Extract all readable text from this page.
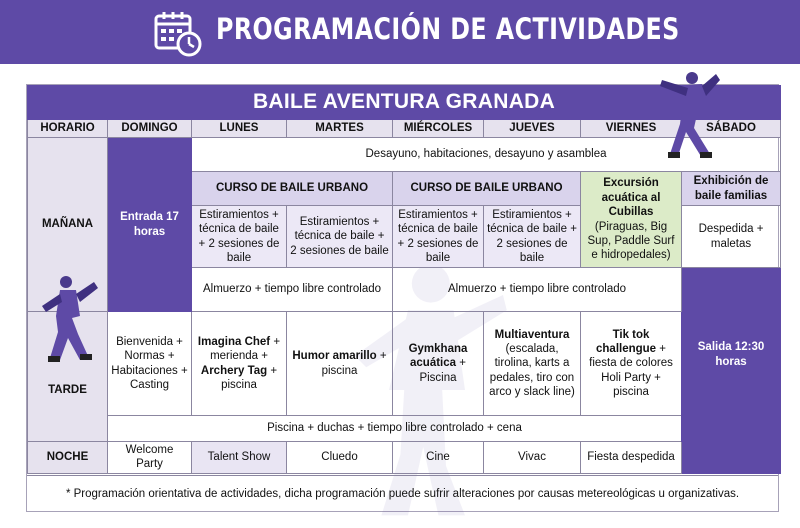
PROGRAMACIÓN DE ACTIVIDADES
BAILE AVENTURA GRANADA							
HORARIO	DOMINGO	LUNES	MARTES	MIÉRCOLES	JUEVES	VIERNES	SÁBADO
MAÑANA	Entrada 17 horas	Desayuno, habitaciones, desayuno y asamblea					
		CURSO DE BAILE URBANO		CURSO DE BAILE URBANO		Excursión acuática al Cubillas (Piraguas, Big Sup, Paddle Surf e hidropedales)	Exhibición de baile familias
		Estiramientos + técnica de baile + 2 sesiones de baile	Estiramientos + técnica de baile + 2 sesiones de baile	Estiramientos + técnica de baile + 2 sesiones de baile	Estiramientos + técnica de baile + 2 sesiones de baile		Despedida + maletas
		Almuerzo + tiempo libre controlado		Almuerzo + tiempo libre controlado			Salida 12:30 horas
TARDE	Bienvenida + Normas + Habitaciones + Casting	Imagina Chef + merienda + Archery Tag + piscina	Humor amarillo + piscina	Gymkhana acuática + Piscina	Multiaventura (escalada, tirolina, karts a pedales, tiro con arco y slack line)	Tik tok challengue + fiesta de colores Holi Party + piscina	
	Piscina + duchas + tiempo libre controlado + cena						
NOCHE	Welcome Party	Talent Show	Cluedo	Cine	Vivac	Fiesta despedida	
* Programación orientativa de actividades, dicha programación puede sufrir alteraciones por causas metereológicas u organizativas.
